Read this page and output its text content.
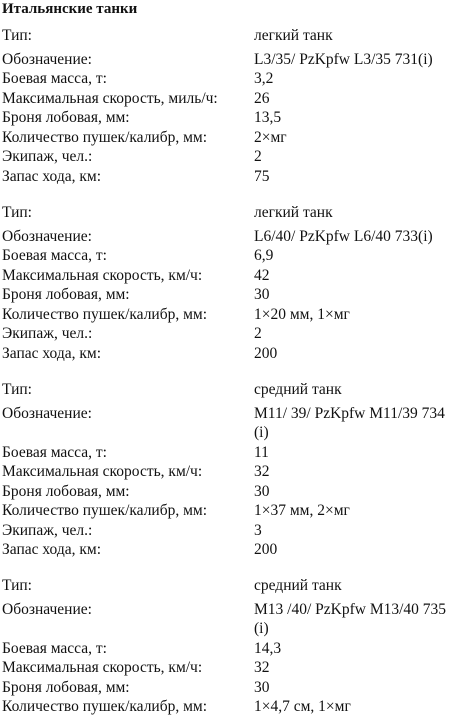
Итальянские танки
Тип:	легкий танк
Обозначение:	L3/35/ PzKpfw L3/35 731(i)
Боевая масса, т:	3,2
Максимальная скорость, миль/ч: 26
Броня лобовая, мм:	13,5
Количество пушек/калибр, мм:	2×мг
Экипаж, чел.:	2
Запас хода, км:	75
Тип:	легкий танк
Обозначение:	L6/40/ PzKpfw L6/40 733(i)
Боевая масса, т:	6,9
Максимальная скорость, км/ч:	42
Броня лобовая, мм:	30
Количество пушек/калибр, мм:	1×20 мм, 1×мг
Экипаж, чел.:	2
Запас хода, км:	200
Тип:	средний танк
Обозначение:	M11/ 39/ PzKpfw M11/39 734 (i)
Боевая масса, т:	11
Максимальная скорость, км/ч:	32
Броня лобовая, мм:	30
Количество пушек/калибр, мм:	1×37 мм, 2×мг
Экипаж, чел.:	3
Запас хода, км:	200
Тип:	средний танк
Обозначение:	M13 /40/ PzKpfw M13/40 735 (i)
Боевая масса, т:	14,3
Максимальная скорость, км/ч:	32
Броня лобовая, мм:	30
Количество пушек/калибр, мм:	1×4,7 см, 1×мг
